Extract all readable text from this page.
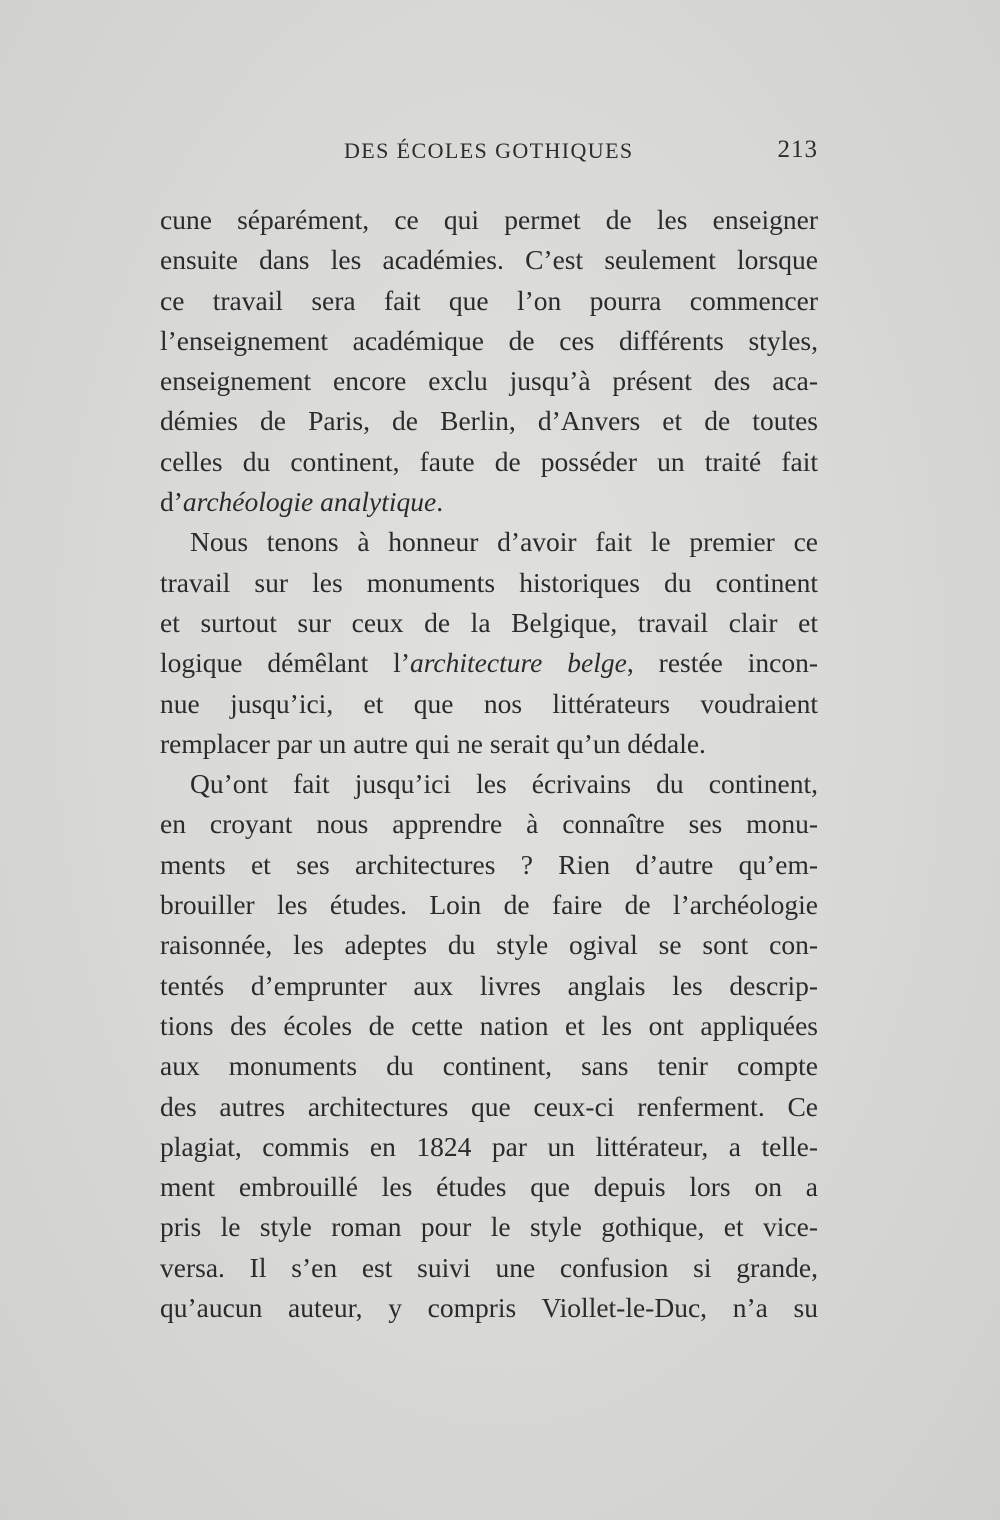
DES ÉCOLES GOTHIQUES	213
cune séparément, ce qui permet de les enseigner
ensuite dans les académies. C’est seulement lorsque
ce travail sera fait que l’on pourra commencer
l’enseignement académique de ces différents styles,
enseignement encore exclu jusqu’à présent des aca-
démies de Paris, de Berlin, d’Anvers et de toutes
celles du continent, faute de posséder un traité fait
d’archéologie analytique.
Nous tenons à honneur d’avoir fait le premier ce
travail sur les monuments historiques du continent
et surtout sur ceux de la Belgique, travail clair et
logique démêlant l’architecture belge, restée incon-
nue jusqu’ici, et que nos littérateurs voudraient
remplacer par un autre qui ne serait qu’un dédale.
Qu’ont fait jusqu’ici les écrivains du continent,
en croyant nous apprendre à connaître ses monu-
ments et ses architectures ? Rien d’autre qu’em-
brouiller les études. Loin de faire de l’archéologie
raisonnée, les adeptes du style ogival se sont con-
tentés d’emprunter aux livres anglais les descrip-
tions des écoles de cette nation et les ont appliquées
aux monuments du continent, sans tenir compte
des autres architectures que ceux-ci renferment. Ce
plagiat, commis en 1824 par un littérateur, a telle-
ment embrouillé les études que depuis lors on a
pris le style roman pour le style gothique, et vice-
versa. Il s’en est suivi une confusion si grande,
qu’aucun auteur, y compris Viollet-le-Duc, n’a su
